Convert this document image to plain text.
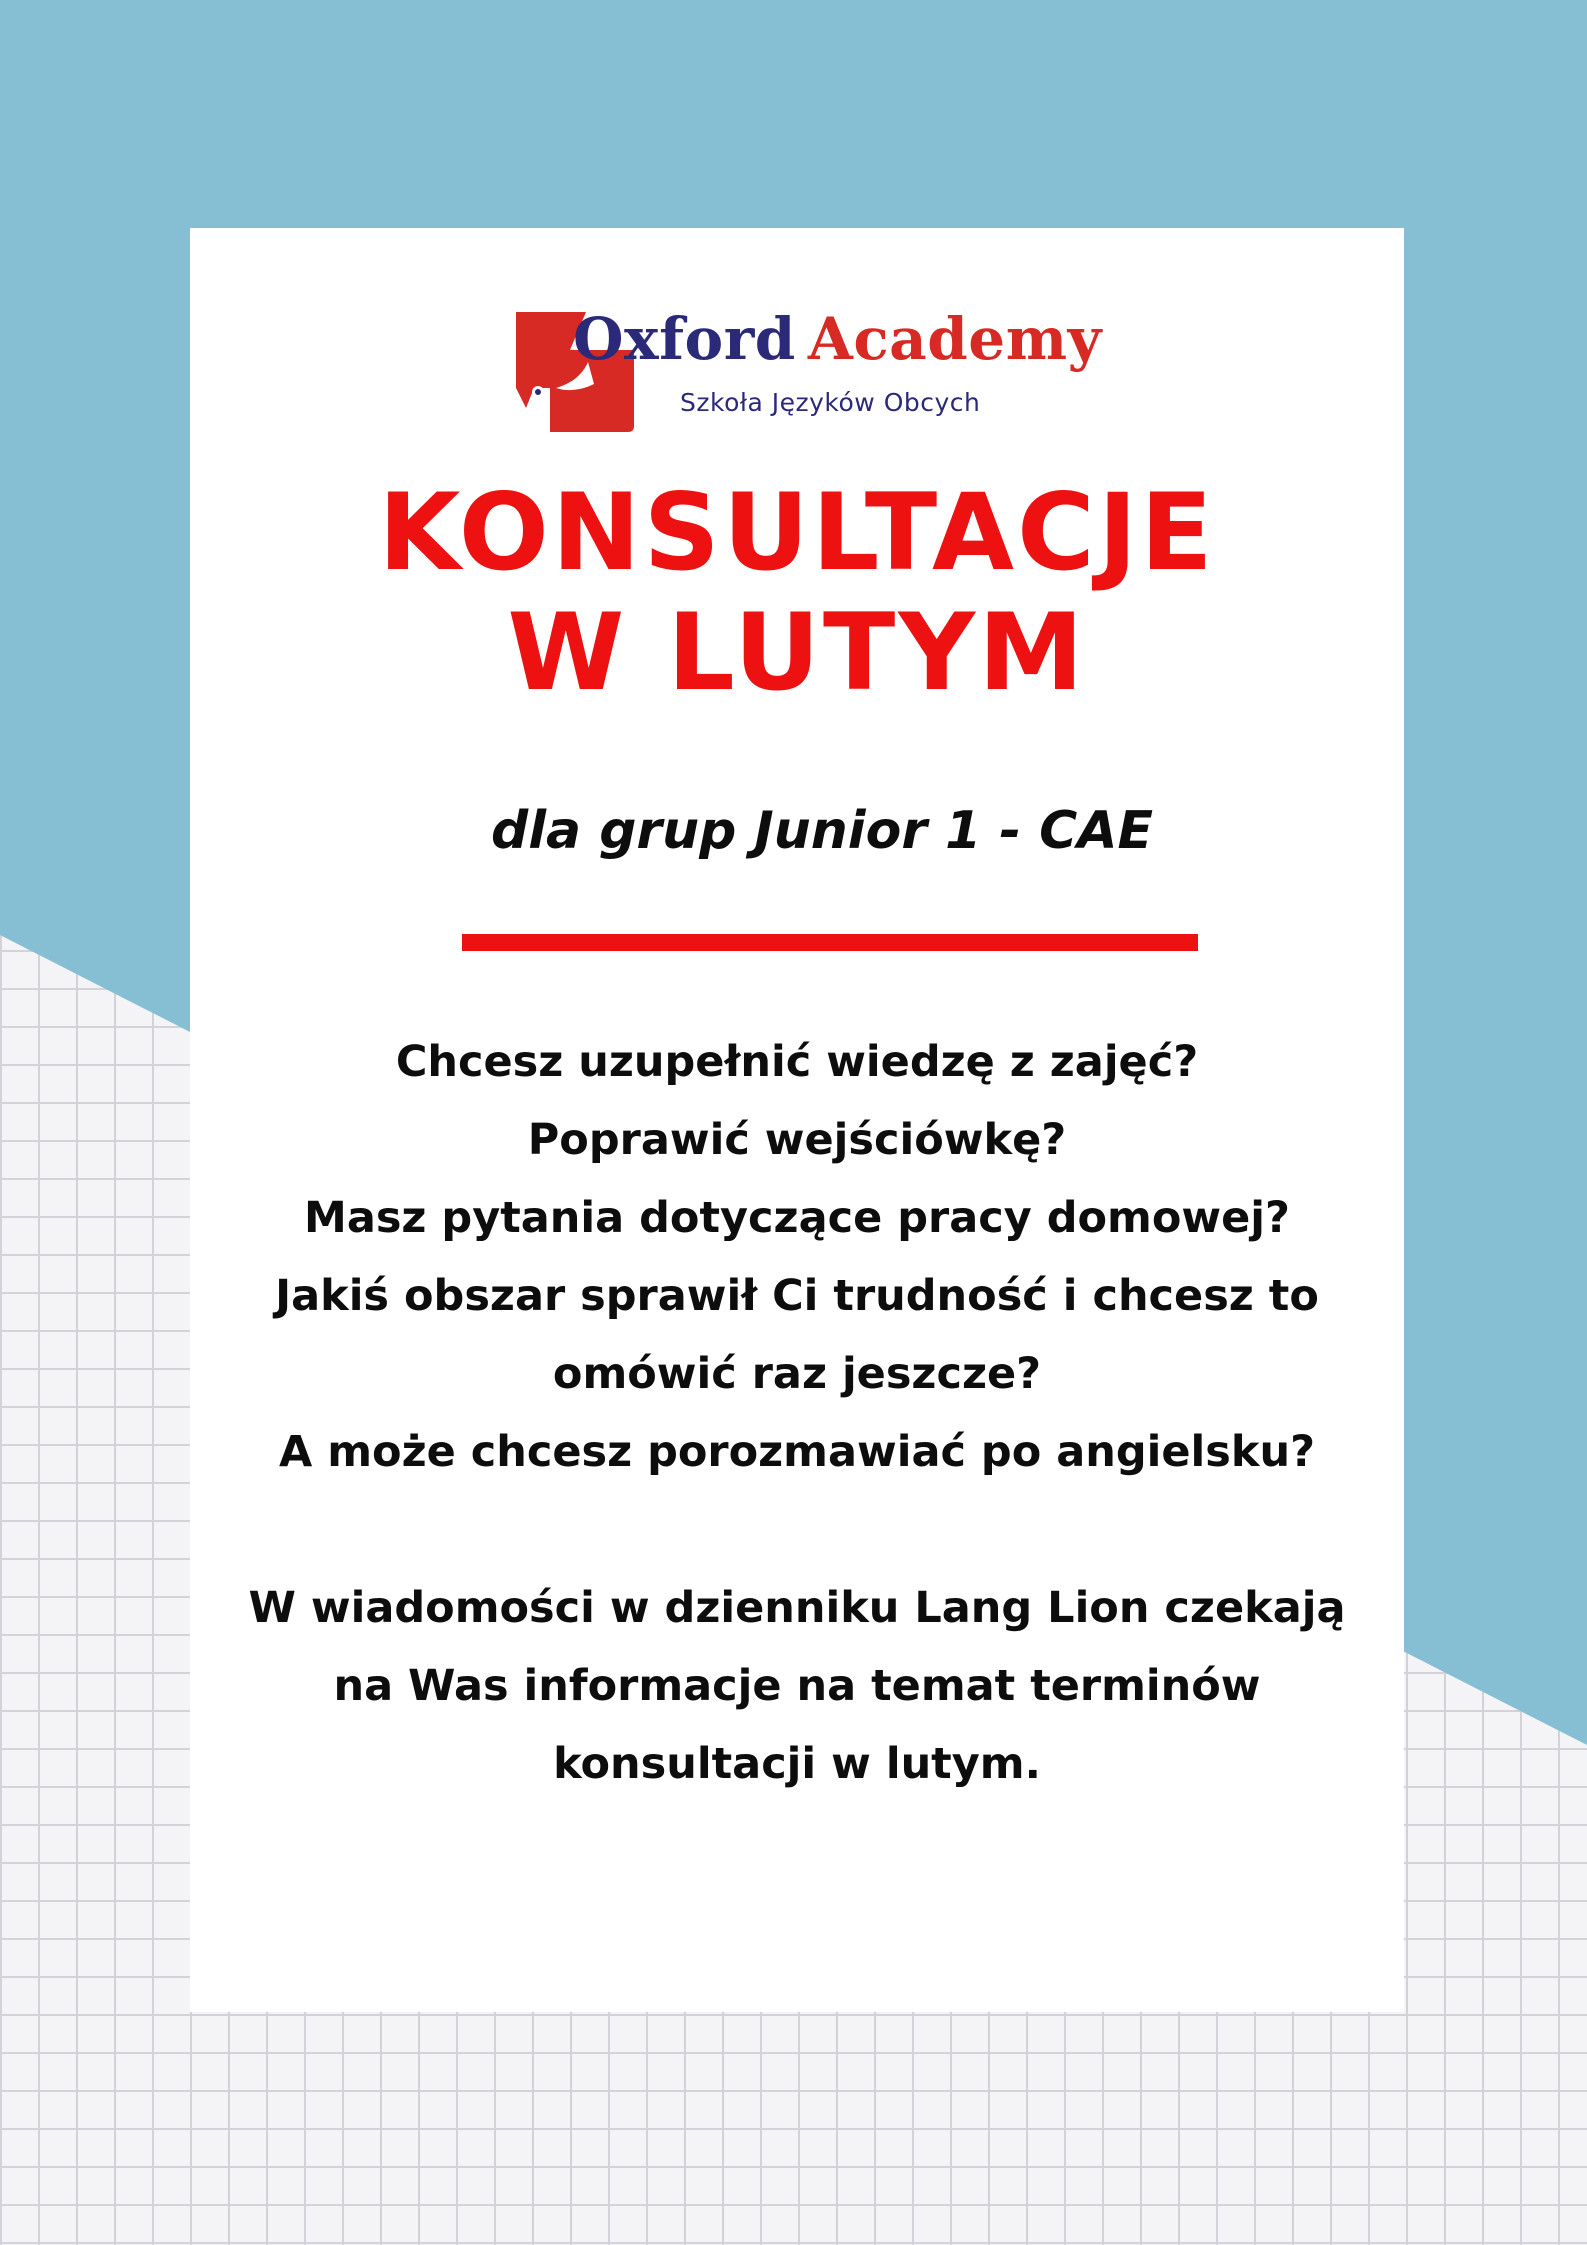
Oxford Academy
Szkoła Języków Obcych
KONSULTACJE
W LUTYM
dla grup Junior 1 - CAE
Chcesz uzupełnić wiedzę z zajęć?
Poprawić wejściówkę?
Masz pytania dotyczące pracy domowej?
Jakiś obszar sprawił Ci trudność i chcesz to
omówić raz jeszcze?
A może chcesz porozmawiać po angielsku?
W wiadomości w dzienniku Lang Lion czekają
na Was informacje na temat terminów
konsultacji w lutym.
